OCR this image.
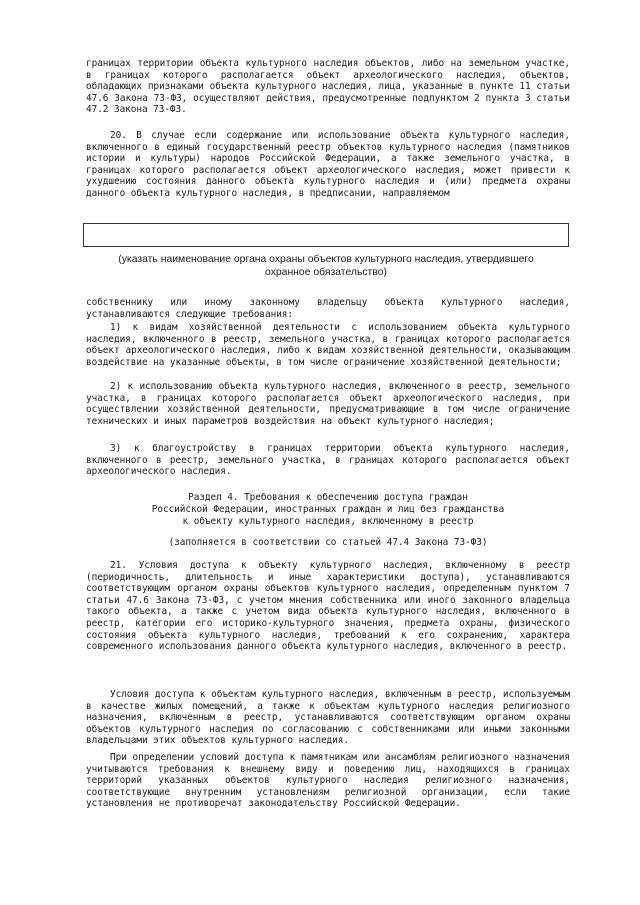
границах территории объекта культурного наследия объектов, либо на земельном участке, в границах которого располагается объект археологического наследия, объектов, обладающих признаками объекта культурного наследия, лица, указанные в пункте 11 статьи 47.6 Закона 73-ФЗ, осуществляют действия, предусмотренные подпунктом 2 пункта 3 статьи 47.2 Закона 73-ФЗ.

20. В случае если содержание или использование объекта культурного наследия, включенного в единый государственный реестр объектов культурного наследия (памятников истории и культуры) народов Российской Федерации, а также земельного участка, в границах которого располагается объект археологического наследия, может привести к ухудшению состояния данного объекта культурного наследия и (или) предмета охраны данного объекта культурного наследия, в предписании, направляемом

(указать наименование органа охраны объектов культурного наследия, утвердившего охранное обязательство)

собственнику или иному законному владельцу объекта культурного наследия, устанавливаются следующие требования:

1) к видам хозяйственной деятельности с использованием объекта культурного наследия, включенного в реестр, земельного участка, в границах которого располагается объект археологического наследия, либо к видам хозяйственной деятельности, оказывающим воздействие на указанные объекты, в том числе ограничение хозяйственной деятельности;

2) к использованию объекта культурного наследия, включенного в реестр, земельного участка, в границах которого располагается объект археологического наследия, при осуществлении хозяйственной деятельности, предусматривающие в том числе ограничение технических и иных параметров воздействия на объект культурного наследия;

3) к благоустройству в границах территории объекта культурного наследия, включенного в реестр, земельного участка, в границах которого располагается объект археологического наследия.

Раздел 4. Требования к обеспечению доступа граждан

Российской Федерации, иностранных граждан и лиц без гражданства

к объекту культурного наследия, включенному в реестр

(заполняется в соответствии со статьей 47.4 Закона 73-ФЗ)

21. Условия доступа к объекту культурного наследия, включенному в реестр (периодичность, длительность и иные характеристики доступа), устанавливаются соответствующим органом охраны объектов культурного наследия, определенным пунктом 7 статьи 47.6 Закона 73-ФЗ, с учетом мнения собственника или иного законного владельца такого объекта, а также с учетом вида объекта культурного наследия, включенного в реестр, категории его историко-культурного значения, предмета охраны, физического состояния объекта культурного наследия, требований к его сохранению, характера современного использования данного объекта культурного наследия, включенного в реестр.

Условия доступа к объектам культурного наследия, включенным в реестр, используемым в качестве жилых помещений, а также к объектам культурного наследия религиозного назначения, включенным в реестр, устанавливаются соответствующим органом охраны объектов культурного наследия по согласованию с собственниками или иными законными владельцами этих объектов культурного наследия.

При определении условий доступа к памятникам или ансамблям религиозного назначения учитываются требования к внешнему виду и поведению лиц, находящихся в границах территорий указанных объектов культурного наследия религиозного назначения, соответствующие внутренним установлениям религиозной организации, если такие установления не противоречат законодательству Российской Федерации.
